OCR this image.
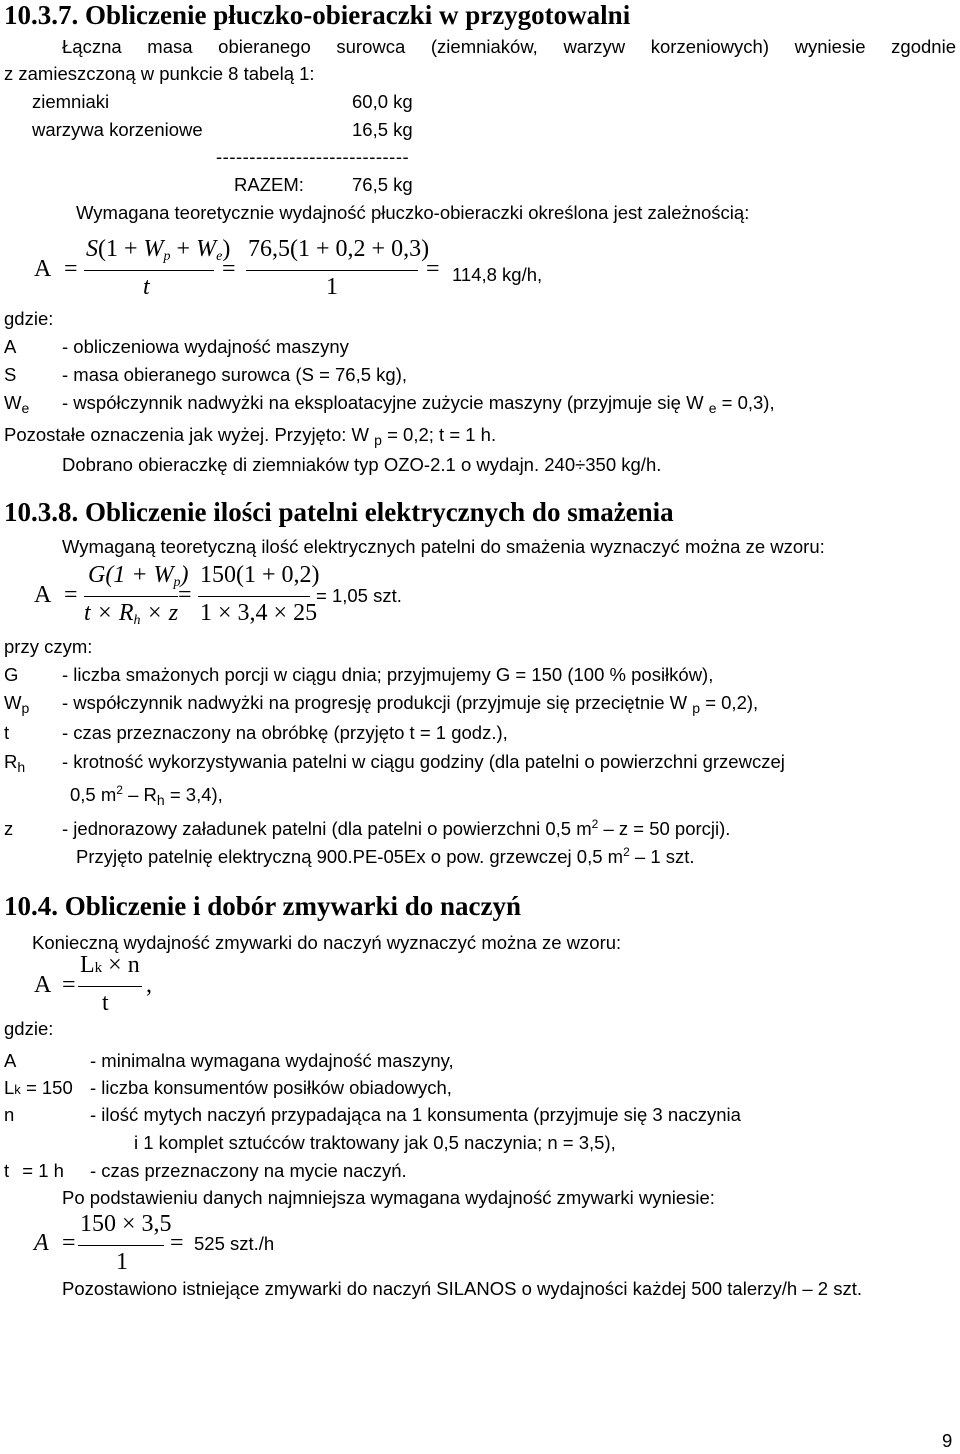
10.3.7. Obliczenie płuczko-obieraczki w przygotowalni
Łączna masa obieranego surowca (ziemniaków, warzyw korzeniowych) wyniesie zgodnie
z zamieszczoną w punkcie 8 tabelą 1:
ziemniaki	60,0 kg
warzywa korzeniowe	16,5 kg
-----------------------------
RAZEM:	76,5 kg
Wymagana teoretycznie wydajność płuczko-obieraczki określona jest zależnością:
A =
S(1 + Wp + We)
t
=
76,5(1 + 0,2 + 0,3)
1
= 114,8 kg/h,
gdzie:
A - obliczeniowa wydajność maszyny
S - masa obieranego surowca (S = 76,5 kg),
$W_e$ - współczynnik nadwyżki na eksploatacyjne zużycie maszyny (przyjmuje się W $_e$ = 0,3),
Pozostałe oznaczenia jak wyżej. Przyjęto: W $_p$ = 0,2; t = 1 h.
Dobrano obieraczkę di ziemniaków typ OZO-2.1 o wydajn. 240÷350 kg/h.
10.3.8. Obliczenie ilości patelni elektrycznych do smażenia
Wymaganą teoretyczną ilość elektrycznych patelni do smażenia wyznaczyć można ze wzoru:
A =
G(1 + Wp)
t × Rh × z
=
150(1 + 0,2)
1 × 3,4 × 25
= 1,05 szt.
przy czym:
G - liczba smażonych porcji w ciągu dnia; przyjmujemy G = 150 (100 % posiłków),
$W_p$ - współczynnik nadwyżki na progresję produkcji (przyjmuje się przeciętnie W $_p$ = 0,2),
t	- czas przeznaczony na obróbkę (przyjęto t = 1 godz.),
$R_h$ - krotność wykorzystywania patelni w ciągu godziny (dla patelni o powierzchni grzewczej
0,5 $m^2 - R_h = 3,4$),
z	- jednorazowy załadunek patelni (dla patelni o powierzchni 0,5 $m^2 - z = 50$ porcji).
Przyjęto patelnię elektryczną 900.PE-05Ex o pow. grzewczej 0,5 $m^2 - 1$ szt.
10.4. Obliczenie i dobór zmywarki do naczyń
Konieczną wydajność zmywarki do naczyń wyznaczyć można ze wzoru:
A =
Lk × n
t
,
gdzie:
A	- minimalna wymagana wydajność maszyny,
Lk = 150 - liczba konsumentów posiłków obiadowych,
n	- ilość mytych naczyń przypadająca na 1 konsumenta (przyjmuje się 3 naczynia
i 1 komplet sztućców traktowany jak 0,5 naczynia; n = 3,5),
t = 1 h - czas przeznaczony na mycie naczyń.
Po podstawieniu danych najmniejsza wymagana wydajność zmywarki wyniesie:
A =
150 × 3,5
1
= 525 szt./h
Pozostawiono istniejące zmywarki do naczyń SILANOS o wydajności każdej 500 talerzy/h – 2 szt.
9
